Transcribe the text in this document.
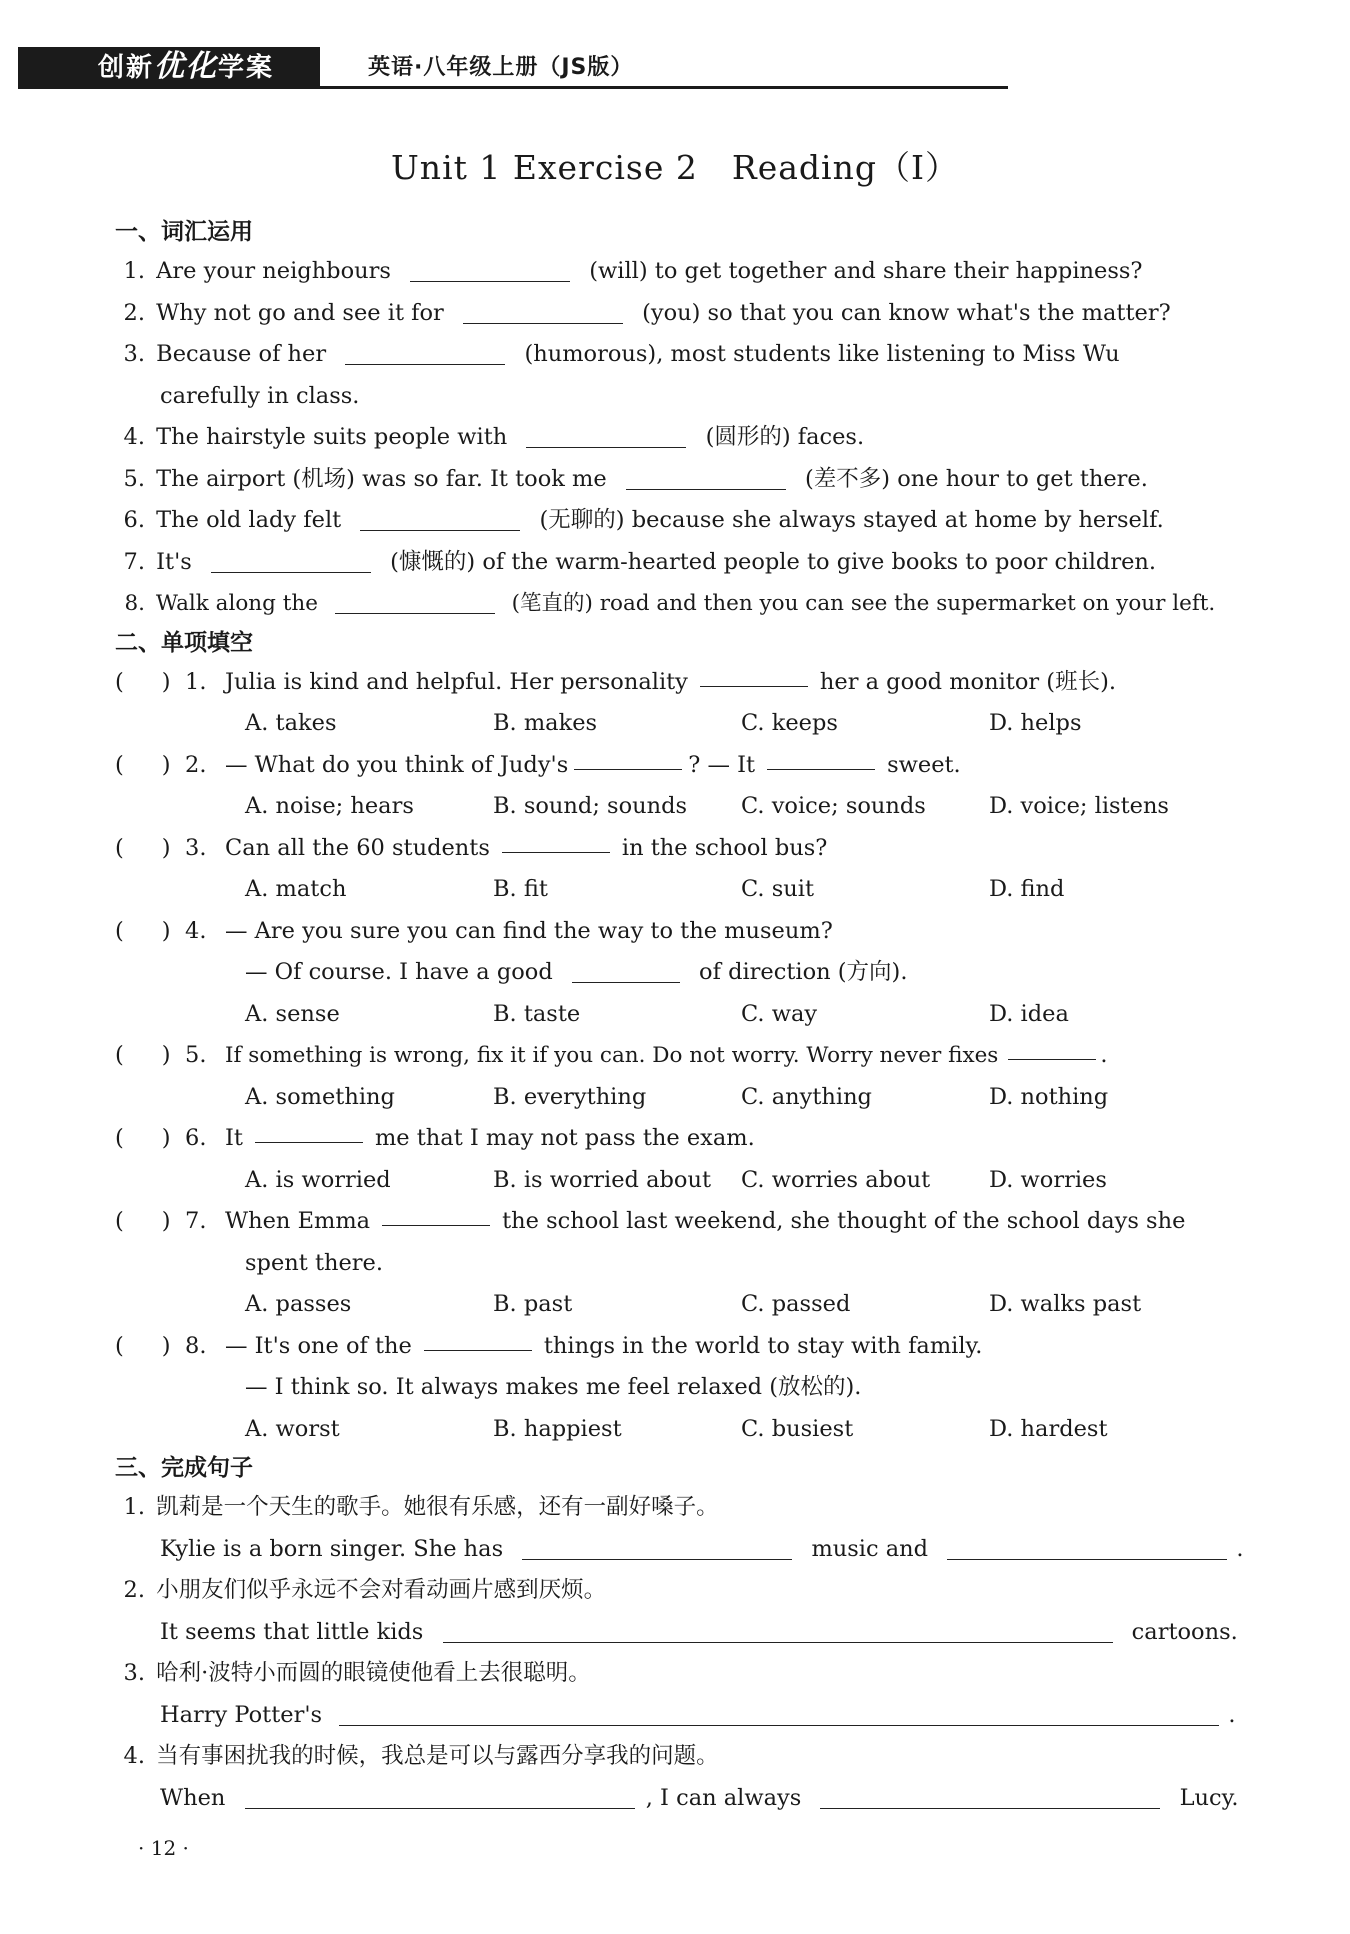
创新优化学案	英语·八年级上册（JS版）
Unit 1 Exercise 2　Reading（Ⅰ）
一、词汇运用
1. Are your neighbours	(will) to get together and share their happiness?
2. Why not go and see it for	(you) so that you can know what's the matter?
3. Because of her	(humorous), most students like listening to Miss Wu
carefully in class.
4. The hairstyle suits people with	(圆形的) faces.
5. The airport (机场) was so far. It took me	(差不多) one hour to get there.
6. The old lady felt	(无聊的) because she always stayed at home by herself.
7. It's	(慷慨的) of the warm-hearted people to give books to poor children.
8. Walk along the	(笔直的) road and then you can see the supermarket on your left.
二、单项填空
( ) 1. Julia is kind and helpful. Her personality	her a good monitor (班长).
A. takes	B. makes	C. keeps	D. helps
( ) 2. — What do you think of Judy's	? — It	sweet.
A. noise; hears	B. sound; sounds	C. voice; sounds	D. voice; listens
( ) 3. Can all the 60 students	in the school bus?
A. match	B. fit	C. suit	D. find
( ) 4. — Are you sure you can find the way to the museum?
— Of course. I have a good	of direction (方向).
A. sense	B. taste	C. way	D. idea
( ) 5. If something is wrong, fix it if you can. Do not worry. Worry never fixes	.
A. something	B. everything	C. anything	D. nothing
( ) 6. It	me that I may not pass the exam.
A. is worried	B. is worried about	C. worries about	D. worries
( ) 7. When Emma	the school last weekend, she thought of the school days she
spent there.
A. passes	B. past	C. passed	D. walks past
( ) 8. — It's one of the	things in the world to stay with family.
— I think so. It always makes me feel relaxed (放松的).
A. worst	B. happiest	C. busiest	D. hardest
三、完成句子
1. 凯莉是一个天生的歌手。她很有乐感，还有一副好嗓子。
Kylie is a born singer. She has	music and	.
2. 小朋友们似乎永远不会对看动画片感到厌烦。
It seems that little kids	cartoons.
3. 哈利·波特小而圆的眼镜使他看上去很聪明。
Harry Potter's	.
4. 当有事困扰我的时候，我总是可以与露西分享我的问题。
When	, I can always	Lucy.
· 12 ·
